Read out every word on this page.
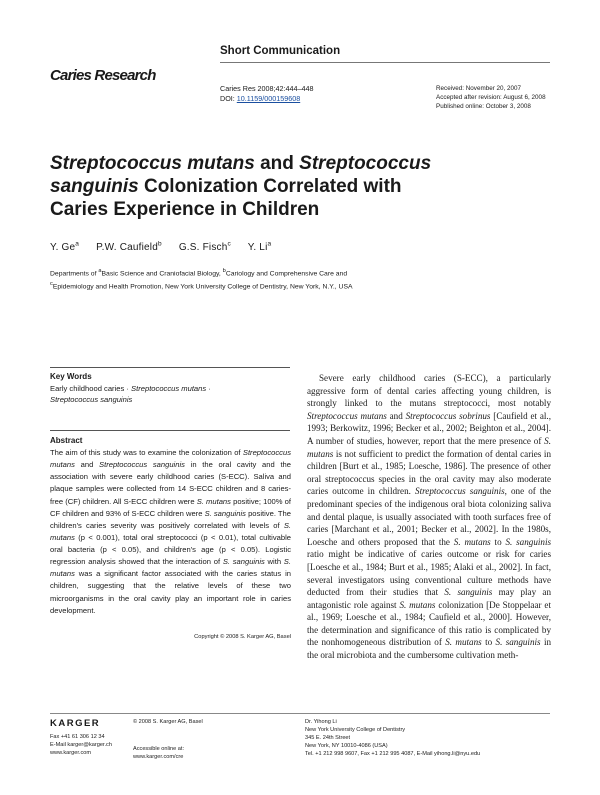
Short Communication
Caries Research
Caries Res 2008;42:444–448
DOI: 10.1159/000159608
Received: November 20, 2007
Accepted after revision: August 6, 2008
Published online: October 3, 2008
Streptococcus mutans and Streptococcus
sanguinis Colonization Correlated with
Caries Experience in Children
Y. Ge$^a$ P.W. Caufield$^b$ G.S. Fisch$^c$ Y. Li$^a$
Departments of $^a$Basic Science and Craniofacial Biology, $^b$Cariology and Comprehensive Care and
$^c$Epidemiology and Health Promotion, New York University College of Dentistry, New York, N.Y., USA
Key Words
Early childhood caries · Streptococcus mutans ·
Streptococcus sanguinis
Abstract
The aim of this study was to examine the colonization of Streptococcus mutans and Streptococcus sanguinis in the oral cavity and the association with severe early childhood caries (S-ECC). Saliva and plaque samples were collected from 14 S-ECC children and 8 caries-free (CF) children. All S-ECC children were S. mutans positive; 100% of CF children and 93% of S-ECC children were S. sanguinis positive. The children's caries severity was positively correlated with levels of S. mutans (p < 0.001), total oral streptococci (p < 0.01), total cultivable oral bacteria (p < 0.05), and children's age (p < 0.05). Logistic regression analysis showed that the interaction of S. sanguinis with S. mutans was a significant factor associated with the caries status in children, suggesting that the relative levels of these two microorganisms in the oral cavity play an important role in caries development.
Copyright © 2008 S. Karger AG, Basel
Severe early childhood caries (S-ECC), a particularly aggressive form of dental caries affecting young children, is strongly linked to the mutans streptococci, most notably Streptococcus mutans and Streptococcus sobrinus [Caufield et al., 1993; Berkowitz, 1996; Becker et al., 2002; Beighton et al., 2004]. A number of studies, however, report that the mere presence of S. mutans is not sufficient to predict the formation of dental caries in children [Burt et al., 1985; Loesche, 1986]. The presence of other oral streptococcus species in the oral cavity may also moderate caries outcome in children. Streptococcus sanguinis, one of the predominant species of the indigenous oral biota colonizing saliva and dental plaque, is usually associated with tooth surfaces free of caries [Marchant et al., 2001; Becker et al., 2002]. In the 1980s, Loesche and others proposed that the S. mutans to S. sanguinis ratio might be indicative of caries outcome or risk for caries [Loesche et al., 1984; Burt et al., 1985; Alaki et al., 2002]. In fact, several investigators using conventional culture methods have deducted from their studies that S. sanguinis may play an antagonistic role against S. mutans colonization [De Stoppelaar et al., 1969; Loesche et al., 1984; Caufield et al., 2000]. However, the determination and significance of this ratio is complicated by the nonhomogeneous distribution of S. mutans to S. sanguinis in the oral microbiota and the cumbersome cultivation meth-
KARGER
Fax +41 61 306 12 34
E-Mail karger@karger.ch
www.karger.com
© 2008 S. Karger AG, Basel
Accessible online at:
www.karger.com/cre
Dr. Yihong Li
New York University College of Dentistry
345 E. 24th Street
New York, NY 10010-4086 (USA)
Tel. +1 212 998 9607, Fax +1 212 995 4087, E-Mail yihong.li@nyu.edu
